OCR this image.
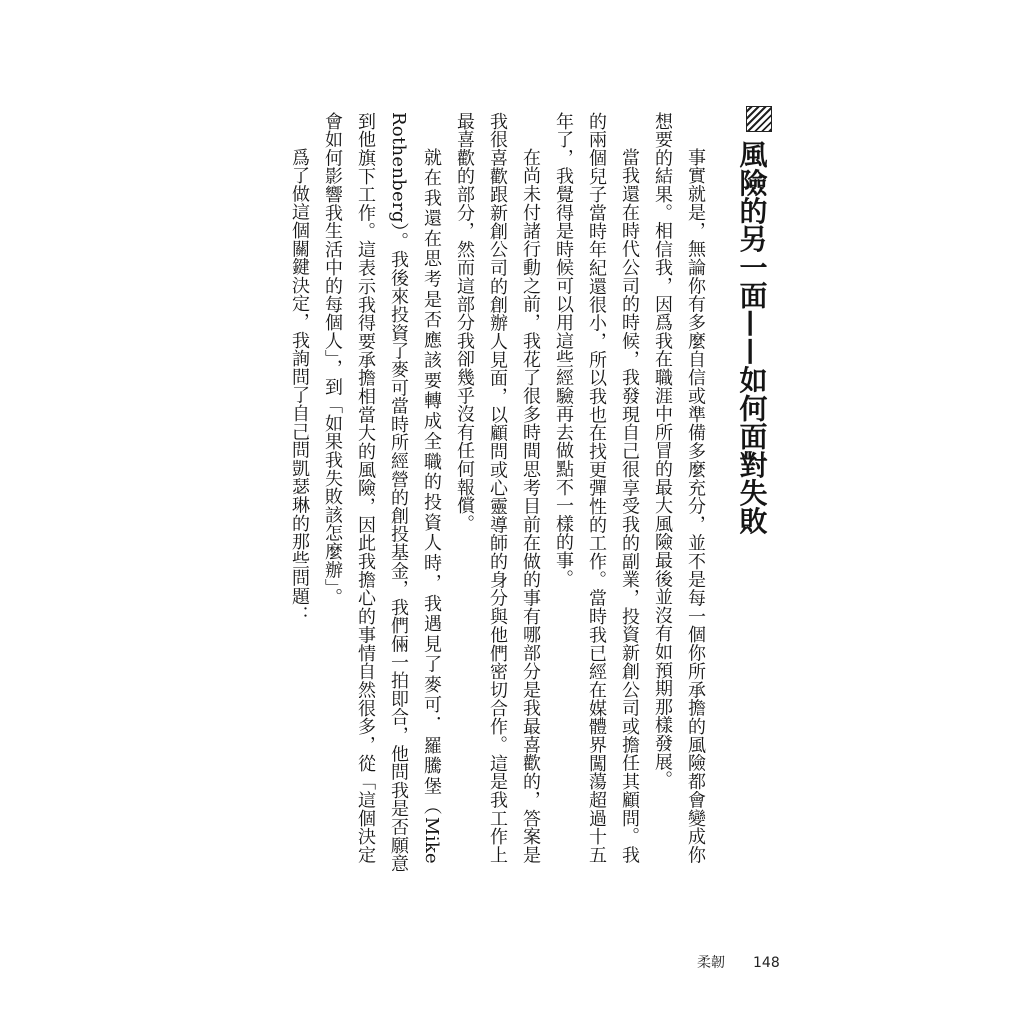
風險的另一面——如何面對失敗
事實就是，無論你有多麼自信或準備多麼充分，並不是每一個你所承擔的風險都會變成你
想要的結果。相信我，因爲我在職涯中所冒的最大風險最後並沒有如預期那樣發展。
當我還在時代公司的時候，我發現自己很享受我的副業，投資新創公司或擔任其顧問。我
的兩個兒子當時年紀還很小，所以我也在找更彈性的工作。當時我已經在媒體界闖蕩超過十五
年了，我覺得是時候可以用這些經驗再去做點不一樣的事。
在尚未付諸行動之前，我花了很多時間思考目前在做的事有哪部分是我最喜歡的，答案是
我很喜歡跟新創公司的創辦人見面，以顧問或心靈導師的身分與他們密切合作。這是我工作上
最喜歡的部分，然而這部分我卻幾乎沒有任何報償。
就在我還在思考是否應該要轉成全職的投資人時，我遇見了麥可．羅騰堡（Mike
Rothenberg）。我後來投資了麥可當時所經營的創投基金，我們倆一拍即合，他問我是否願意
到他旗下工作。這表示我得要承擔相當大的風險，因此我擔心的事情自然很多，從「這個決定
會如何影響我生活中的每個人」，到「如果我失敗該怎麼辦」。
爲了做這個關鍵決定，我詢問了自己問凱瑟琳的那些問題：
柔韌 148
